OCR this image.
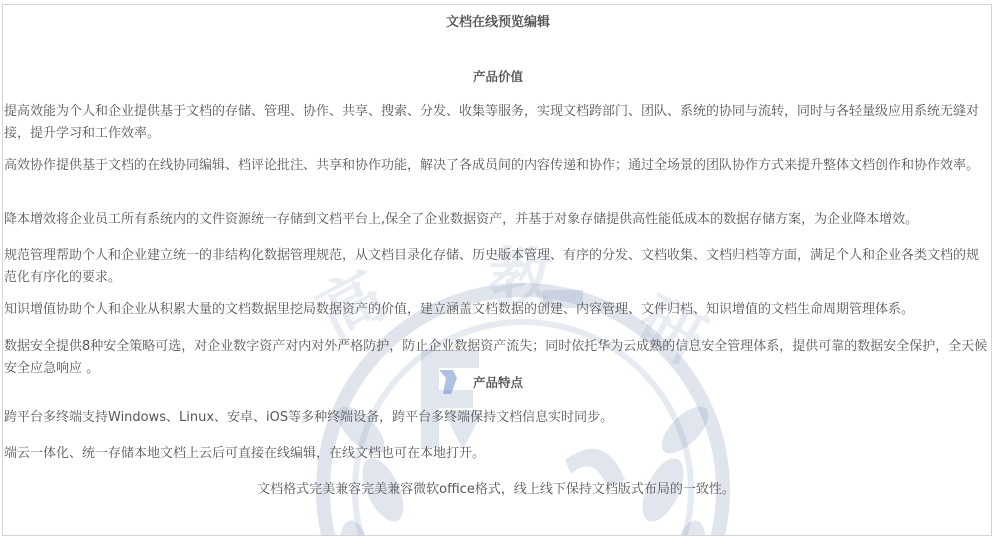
高 教
研
文档在线预览编辑
产品价值

提高效能为个人和企业提供基于文档的存储、管理、协作、共享、搜索、分发、收集等服务，实现文档跨部门、团队、系统的协同与流转，同时与各轻量级应用系统无缝对接，提升学习和工作效率。

高效协作提供基于文档的在线协同编辑、档评论批注、共享和协作功能，解决了各成员间的内容传递和协作；通过全场景的团队协作方式来提升整体文档创作和协作效率。

降本增效将企业员工所有系统内的文件资源统一存储到文档平台上,保全了企业数据资产，并基于对象存储提供高性能低成本的数据存储方案，为企业降本增效。

规范管理帮助个人和企业建立统一的非结构化数据管理规范，从文档目录化存储、历史版本管理、有序的分发、文档收集、文档归档等方面，满足个人和企业各类文档的规范化有序化的要求。

知识增值协助个人和企业从积累大量的文档数据里挖局数据资产的价值，建立涵盖文档数据的创建、内容管理、文件归档、知识增值的文档生命周期管理体系。

数据安全提供8种安全策略可选，对企业数字资产对内对外严格防护，防止企业数据资产流失；同时依托华为云成熟的信息安全管理体系，提供可靠的数据安全保护，全天候安全应急响应 。

产品特点

跨平台多终端支持Windows、Linux、安卓、iOS等多种终端设备，跨平台多终端保持文档信息实时同步。

端云一体化、统一存储本地文档上云后可直接在线编辑，在线文档也可在本地打开。

文档格式完美兼容完美兼容微软office格式，线上线下保持文档版式布局的一致性。
